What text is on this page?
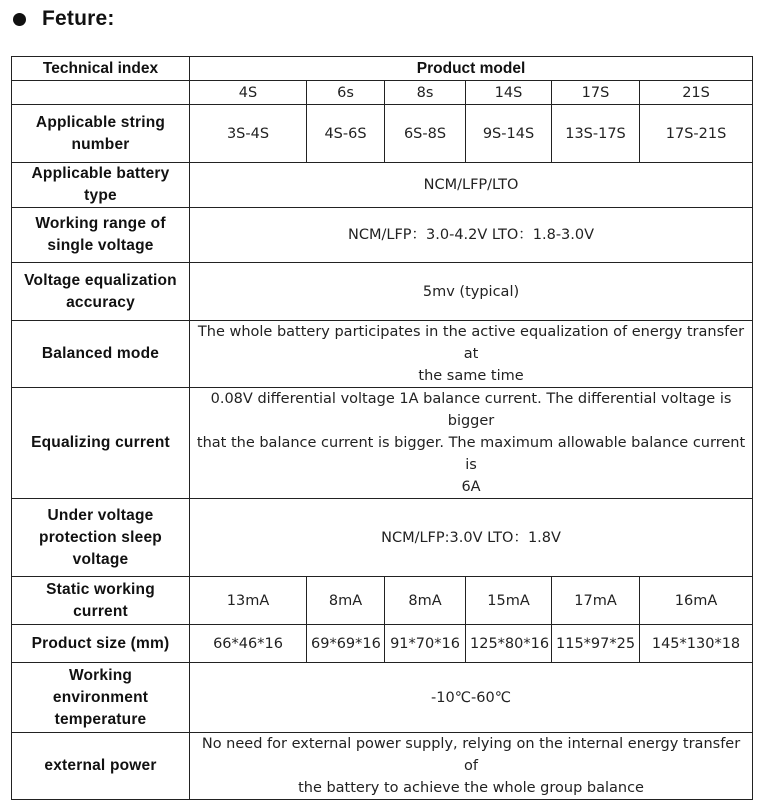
Feture:
Technical index	Product model					
	4S	6s	8s	14S	17S	21S

Applicable string
number	3S-4S	4S-6S	6S-8S	9S-14S	13S-17S	17S-21S

Applicable battery
type	NCM/LFP/LTO					

Working range of
single voltage	NCM/LFP：3.0-4.2V LTO：1.8-3.0V					

Voltage equalization
accuracy	5mv (typical)					
Balanced mode	The whole battery participates in the active equalization of energy transfer at
the same time					

Equalizing current	0.08V differential voltage 1A balance current. The differential voltage is bigger
that the balance current is bigger. The maximum allowable balance current is
6A					

Under voltage
protection sleep
voltage	NCM/LFP:3.0V LTO：1.8V					

Static working
current	13mA	8mA	8mA	15mA	17mA	16mA
Product size (mm)	66*46*16	69*69*16	91*70*16	125*80*16	115*97*25	145*130*18

Working
environment
temperature	-10℃-60℃					
external power	No need for external power supply, relying on the internal energy transfer of
the battery to achieve the whole group balance					
